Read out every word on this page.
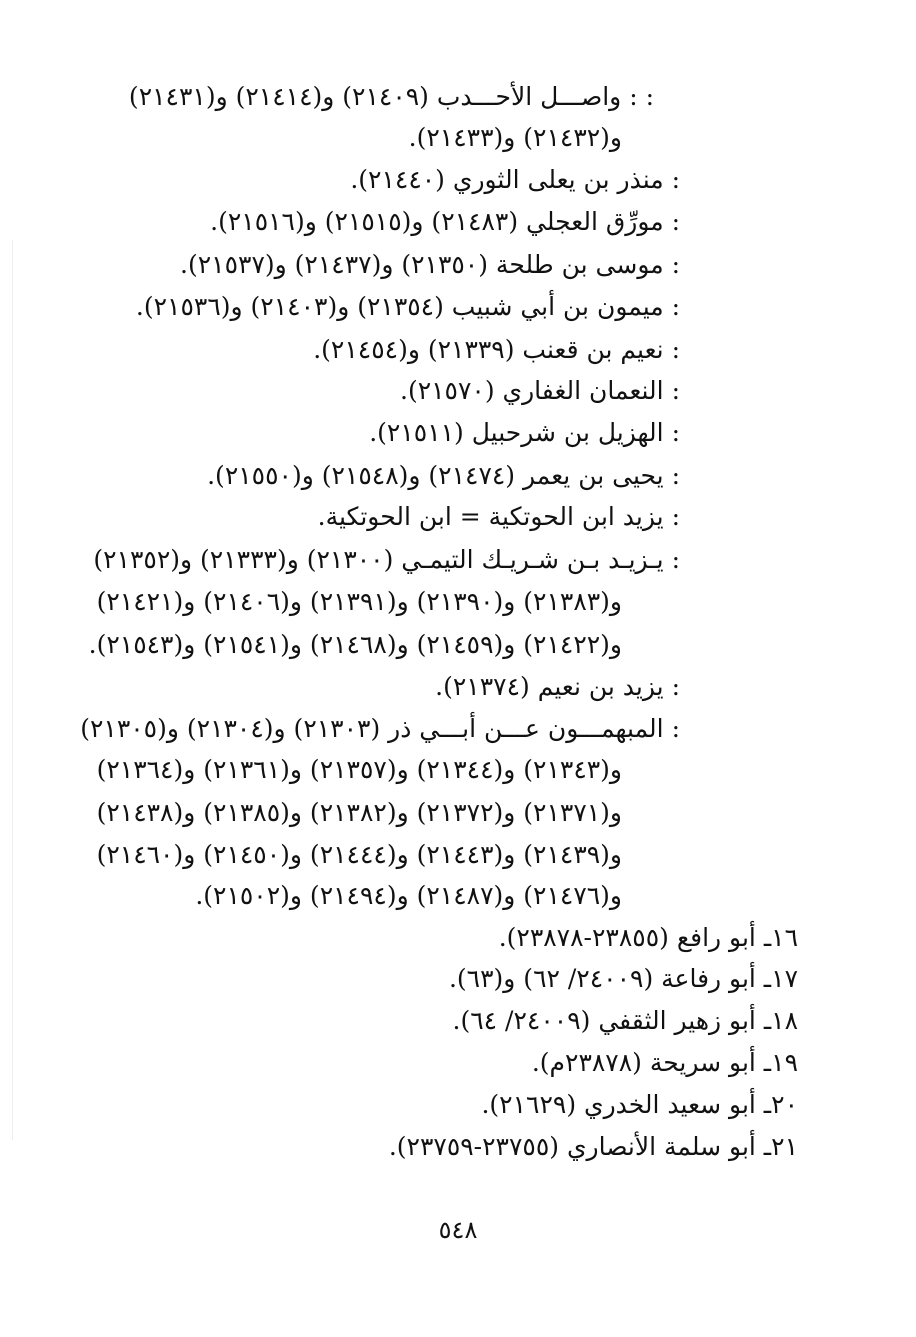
: : واصـــل الأحـــدب (٢١٤٠٩) و(٢١٤١٤) و(٢١٤٣١)
و(٢١٤٣٢) و(٢١٤٣٣).
: منذر بن يعلى الثوري (٢١٤٤٠).
: مورِّق العجلي (٢١٤٨٣) و(٢١٥١٥) و(٢١٥١٦).
: موسى بن طلحة (٢١٣٥٠) و(٢١٤٣٧) و(٢١٥٣٧).
: ميمون بن أبي شبيب (٢١٣٥٤) و(٢١٤٠٣) و(٢١٥٣٦).
: نعيم بن قعنب (٢١٣٣٩) و(٢١٤٥٤).
: النعمان الغفاري (٢١٥٧٠).
: الهزيل بن شرحبيل (٢١٥١١).
: يحيى بن يعمر (٢١٤٧٤) و(٢١٥٤٨) و(٢١٥٥٠).
: يزيد ابن الحوتكية = ابن الحوتكية.
: يـزيـد بـن شـريـك التيمـي (٢١٣٠٠) و(٢١٣٣٣) و(٢١٣٥٢)
و(٢١٣٨٣) و(٢١٣٩٠) و(٢١٣٩١) و(٢١٤٠٦) و(٢١٤٢١)
و(٢١٤٢٢) و(٢١٤٥٩) و(٢١٤٦٨) و(٢١٥٤١) و(٢١٥٤٣).
: يزيد بن نعيم (٢١٣٧٤).
: المبهمـــون عـــن أبـــي ذر (٢١٣٠٣) و(٢١٣٠٤) و(٢١٣٠٥)
و(٢١٣٤٣) و(٢١٣٤٤) و(٢١٣٥٧) و(٢١٣٦١) و(٢١٣٦٤)
و(٢١٣٧١) و(٢١٣٧٢) و(٢١٣٨٢) و(٢١٣٨٥) و(٢١٤٣٨)
و(٢١٤٣٩) و(٢١٤٤٣) و(٢١٤٤٤) و(٢١٤٥٠) و(٢١٤٦٠)
و(٢١٤٧٦) و(٢١٤٨٧) و(٢١٤٩٤) و(٢١٥٠٢).
١٦ـ أبو رافع (٢٣٨٥٥-٢٣٨٧٨).
١٧ـ أبو رفاعة (٢٤٠٠٩/ ٦٢) و(٦٣).
١٨ـ أبو زهير الثقفي (٢٤٠٠٩/ ٦٤).
١٩ـ أبو سريحة (٢٣٨٧٨م).
٢٠ـ أبو سعيد الخدري (٢١٦٢٩).
٢١ـ أبو سلمة الأنصاري (٢٣٧٥٥-٢٣٧٥٩).
٥٤٨
